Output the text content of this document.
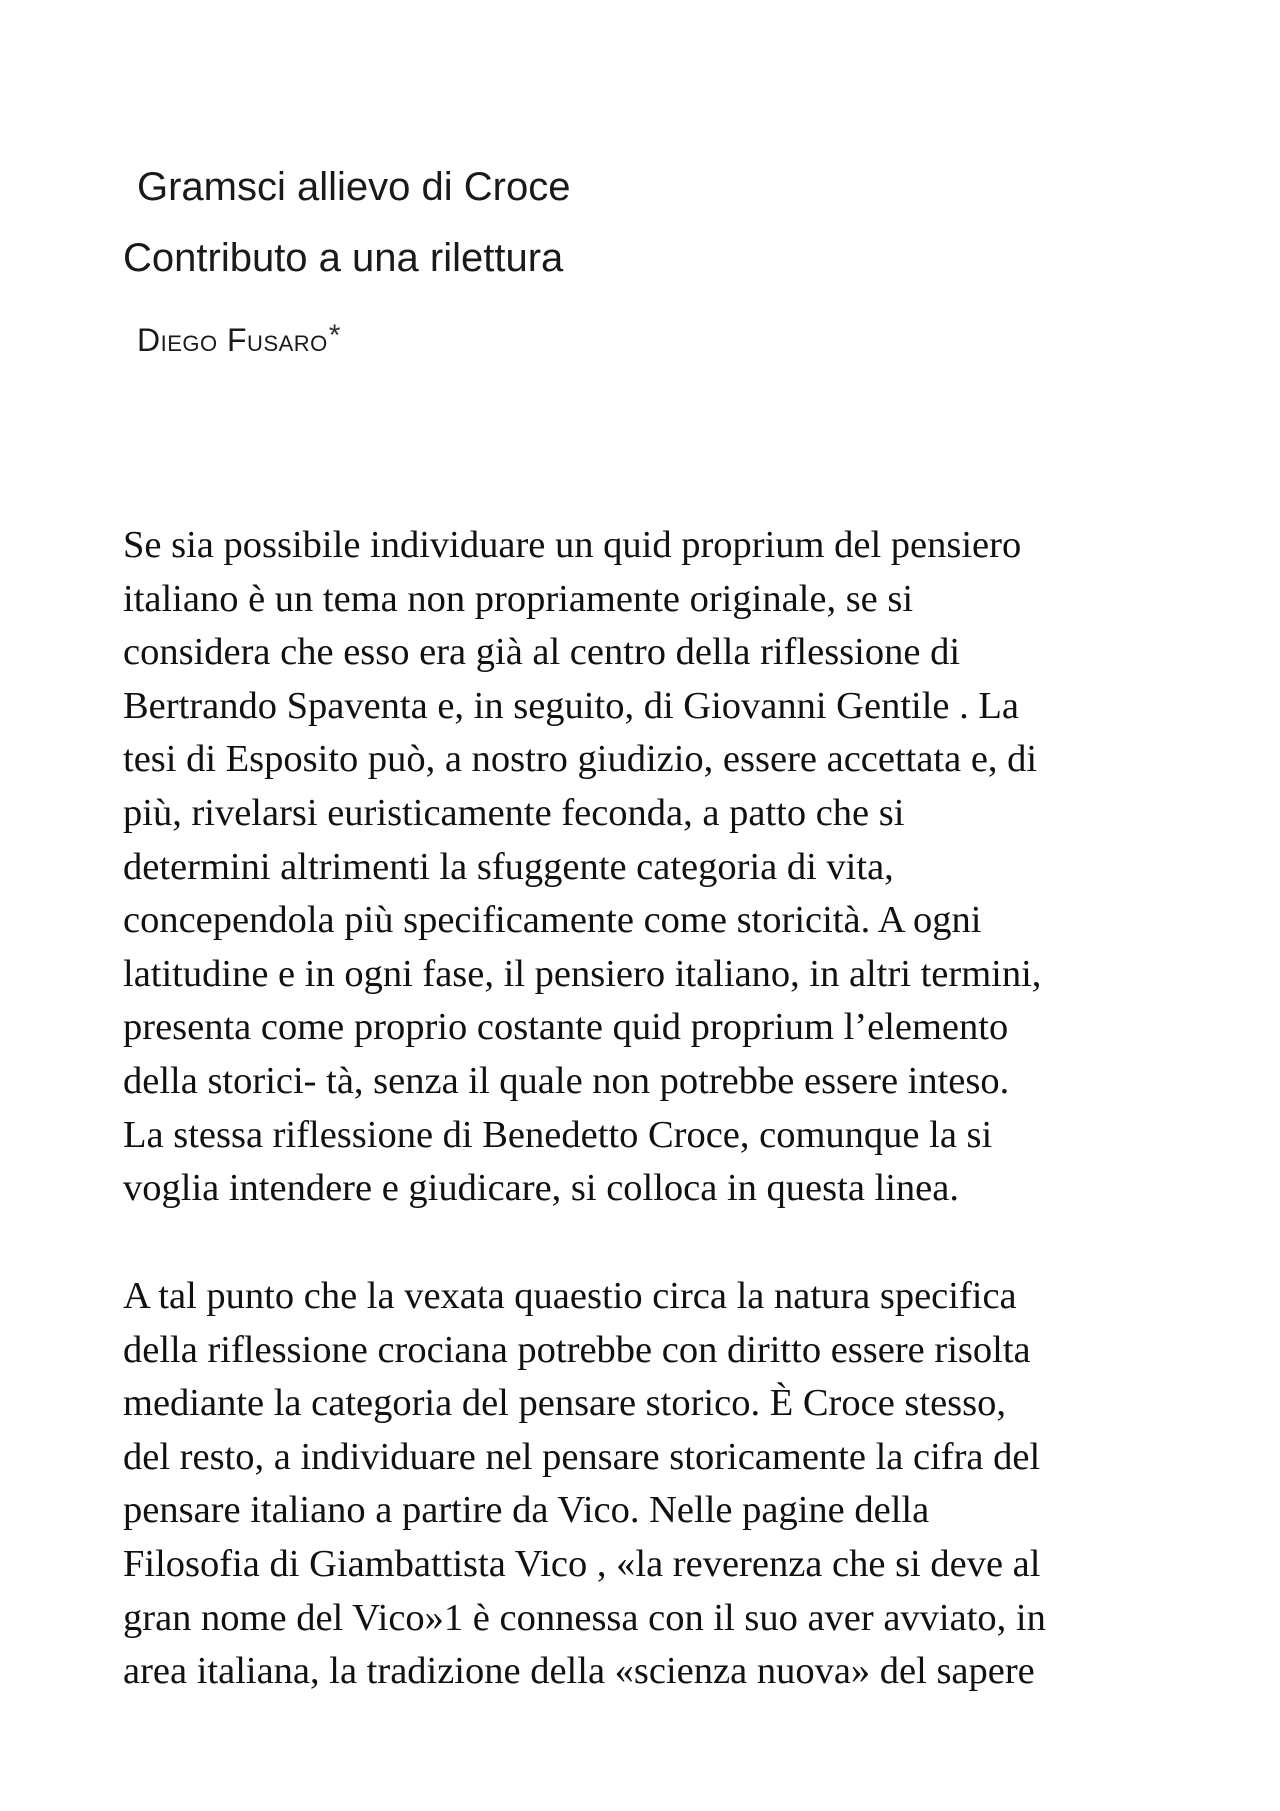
Gramsci allievo di Croce
Contributo a una rilettura
Diego Fusaro*

Se sia possibile individuare un quid proprium del pensiero
italiano è un tema non propriamente originale, se si
considera che esso era già al centro della riflessione di
Bertrando Spaventa e, in seguito, di Giovanni Gentile . La
tesi di Esposito può, a nostro giudizio, essere accettata e, di
più, rivelarsi euristicamente feconda, a patto che si
determini altrimenti la sfuggente categoria di vita,
concependola più specificamente come storicità. A ogni
latitudine e in ogni fase, il pensiero italiano, in altri termini,
presenta come proprio costante quid proprium l’elemento
della storici- tà, senza il quale non potrebbe essere inteso.
La stessa riflessione di Benedetto Croce, comunque la si
voglia intendere e giudicare, si colloca in questa linea.

A tal punto che la vexata quaestio circa la natura specifica
della riflessione crociana potrebbe con diritto essere risolta
mediante la categoria del pensare storico. È Croce stesso,
del resto, a individuare nel pensare storicamente la cifra del
pensare italiano a partire da Vico. Nelle pagine della
Filosofia di Giambattista Vico , «la reverenza che si deve al
gran nome del Vico»1 è connessa con il suo aver avviato, in
area italiana, la tradizione della «scienza nuova» del sapere
